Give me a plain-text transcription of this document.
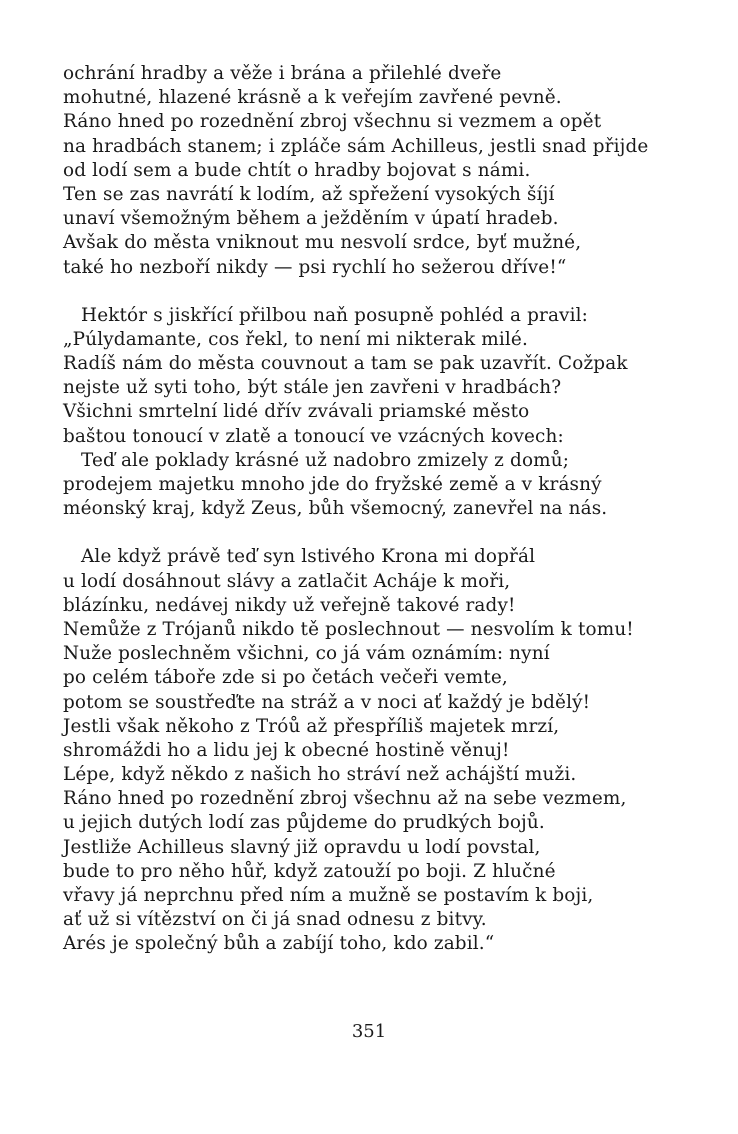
ochrání hradby a věže i brána a přilehlé dveře
mohutné, hlazené krásně a k veřejím zavřené pevně.
Ráno hned po rozednění zbroj všechnu si vezmem a opět
na hradbách stanem; i zpláče sám Achilleus, jestli snad přijde
od lodí sem a bude chtít o hradby bojovat s námi.
Ten se zas navrátí k lodím, až spřežení vysokých šíjí
unaví všemožným během a ježděním v úpatí hradeb.
Avšak do města vniknout mu nesvolí srdce, byť mužné,
také ho nezboří nikdy — psi rychlí ho sežerou dříve!“
Hektór s jiskřící přilbou naň posupně pohléd a pravil:
„Púlydamante, cos řekl, to není mi nikterak milé.
Radíš nám do města couvnout a tam se pak uzavřít. Cožpak
nejste už syti toho, být stále jen zavřeni v hradbách?
Všichni smrtelní lidé dřív zvávali priamské město
baštou tonoucí v zlatě a tonoucí ve vzácných kovech:
Teď ale poklady krásné už nadobro zmizely z domů;
prodejem majetku mnoho jde do fryžské země a v krásný
méonský kraj, když Zeus, bůh všemocný, zanevřel na nás.
Ale když právě teď syn lstivého Krona mi dopřál
u lodí dosáhnout slávy a zatlačit Acháje k moři,
blázínku, nedávej nikdy už veřejně takové rady!
Nemůže z Trójanů nikdo tě poslechnout — nesvolím k tomu!
Nuže poslechněm všichni, co já vám oznámím: nyní
po celém táboře zde si po četách večeři vemte,
potom se soustřeďte na stráž a v noci ať každý je bdělý!
Jestli však někoho z Tróů až přespříliš majetek mrzí,
shromáždi ho a lidu jej k obecné hostině věnuj!
Lépe, když někdo z našich ho stráví než achájští muži.
Ráno hned po rozednění zbroj všechnu až na sebe vezmem,
u jejich dutých lodí zas půjdeme do prudkých bojů.
Jestliže Achilleus slavný již opravdu u lodí povstal,
bude to pro něho hůř, když zatouží po boji. Z hlučné
vřavy já neprchnu před ním a mužně se postavím k boji,
ať už si vítězství on či já snad odnesu z bitvy.
Arés je společný bůh a zabíjí toho, kdo zabil.“
351
